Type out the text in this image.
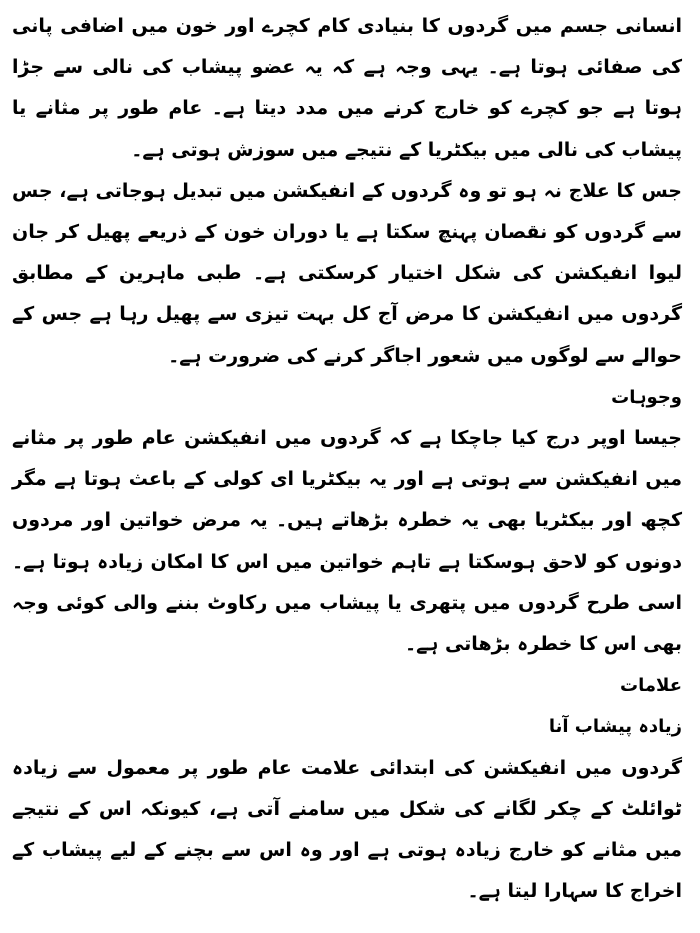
انسانی جسم میں گردوں کا بنیادی کام کچرے اور خون میں اضافی پانی کی صفائی ہوتا ہے۔ یہی وجہ ہے کہ یہ عضو پیشاب کی نالی سے جڑا ہوتا ہے جو کچرے کو خارج کرنے میں مدد دیتا ہے۔ عام طور پر مثانے یا پیشاب کی نالی میں بیکٹریا کے نتیجے میں سوزش ہوتی ہے۔

جس کا علاج نہ ہو تو وہ گردوں کے انفیکشن میں تبدیل ہوجاتی ہے، جس سے گردوں کو نقصان پہنچ سکتا ہے یا دوران خون کے ذریعے پھیل کر جان لیوا انفیکشن کی شکل اختیار کرسکتی ہے۔ طبی ماہرین کے مطابق گردوں میں انفیکشن کا مرض آج کل بہت تیزی سے پھیل رہا ہے جس کے حوالے سے لوگوں میں شعور اجاگر کرنے کی ضرورت ہے۔

وجوہات

جیسا اوپر درج کیا جاچکا ہے کہ گردوں میں انفیکشن عام طور پر مثانے میں انفیکشن سے ہوتی ہے اور یہ بیکٹریا ای کولی کے باعث ہوتا ہے مگر کچھ اور بیکٹریا بھی یہ خطرہ بڑھاتے ہیں۔ یہ مرض خواتین اور مردوں دونوں کو لاحق ہوسکتا ہے تاہم خواتین میں اس کا امکان زیادہ ہوتا ہے۔ اسی طرح گردوں میں پتھری یا پیشاب میں رکاوٹ بننے والی کوئی وجہ بھی اس کا خطرہ بڑھاتی ہے۔

علامات
زیادہ پیشاب آنا

گردوں میں انفیکشن کی ابتدائی علامت عام طور پر معمول سے زیادہ ٹوائلٹ کے چکر لگانے کی شکل میں سامنے آتی ہے، کیونکہ اس کے نتیجے میں مثانے کو خارج زیادہ ہوتی ہے اور وہ اس سے بچنے کے لیے پیشاب کے اخراج کا سہارا لیتا ہے۔
